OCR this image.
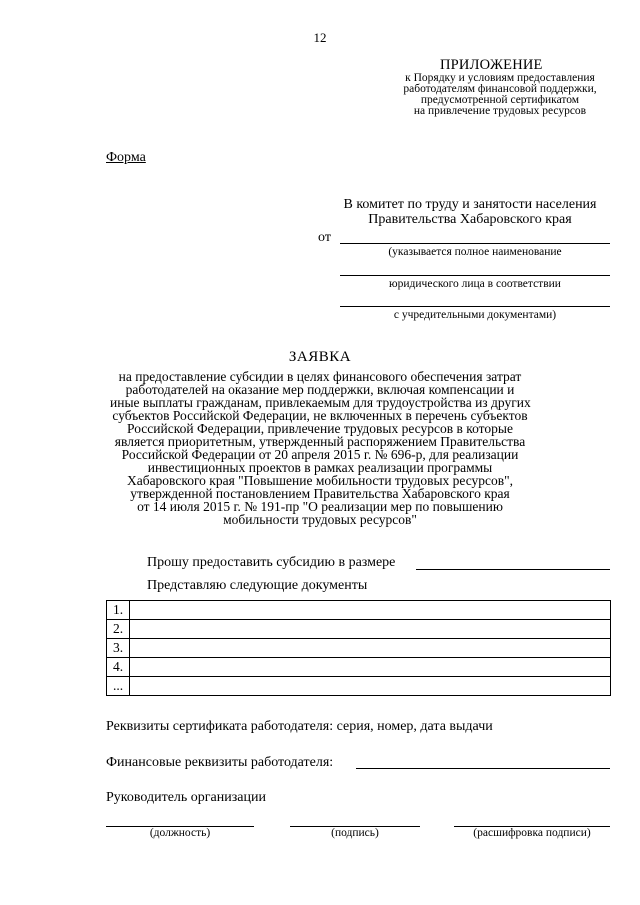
12
ПРИЛОЖЕНИЕ
к Порядку и условиям предоставления
работодателям финансовой поддержки,
предусмотренной сертификатом
на привлечение трудовых ресурсов
Форма
В комитет по труду и занятости населения
Правительства Хабаровского края
от
(указывается полное наименование
юридического лица в соответствии
с учредительными документами)
ЗАЯВКА
на предоставление субсидии в целях финансового обеспечения затрат
работодателей на оказание мер поддержки, включая компенсации и
иные выплаты гражданам, привлекаемым для трудоустройства из других
субъектов Российской Федерации, не включенных в перечень субъектов
Российской Федерации, привлечение трудовых ресурсов в которые
является приоритетным, утвержденный распоряжением Правительства
Российской Федерации от 20 апреля 2015 г. № 696-р, для реализации
инвестиционных проектов в рамках реализации программы
Хабаровского края "Повышение мобильности трудовых ресурсов",
утвержденной постановлением Правительства Хабаровского края
от 14 июля 2015 г. № 191-пр "О реализации мер по повышению
мобильности трудовых ресурсов"
Прошу предоставить субсидию в размере
Представляю следующие документы
1.	
2.	
3.	
4.	
...	
Реквизиты сертификата работодателя: серия, номер, дата выдачи
Финансовые реквизиты работодателя:
Руководитель организации
(должность)	(подпись)	(расшифровка подписи)
